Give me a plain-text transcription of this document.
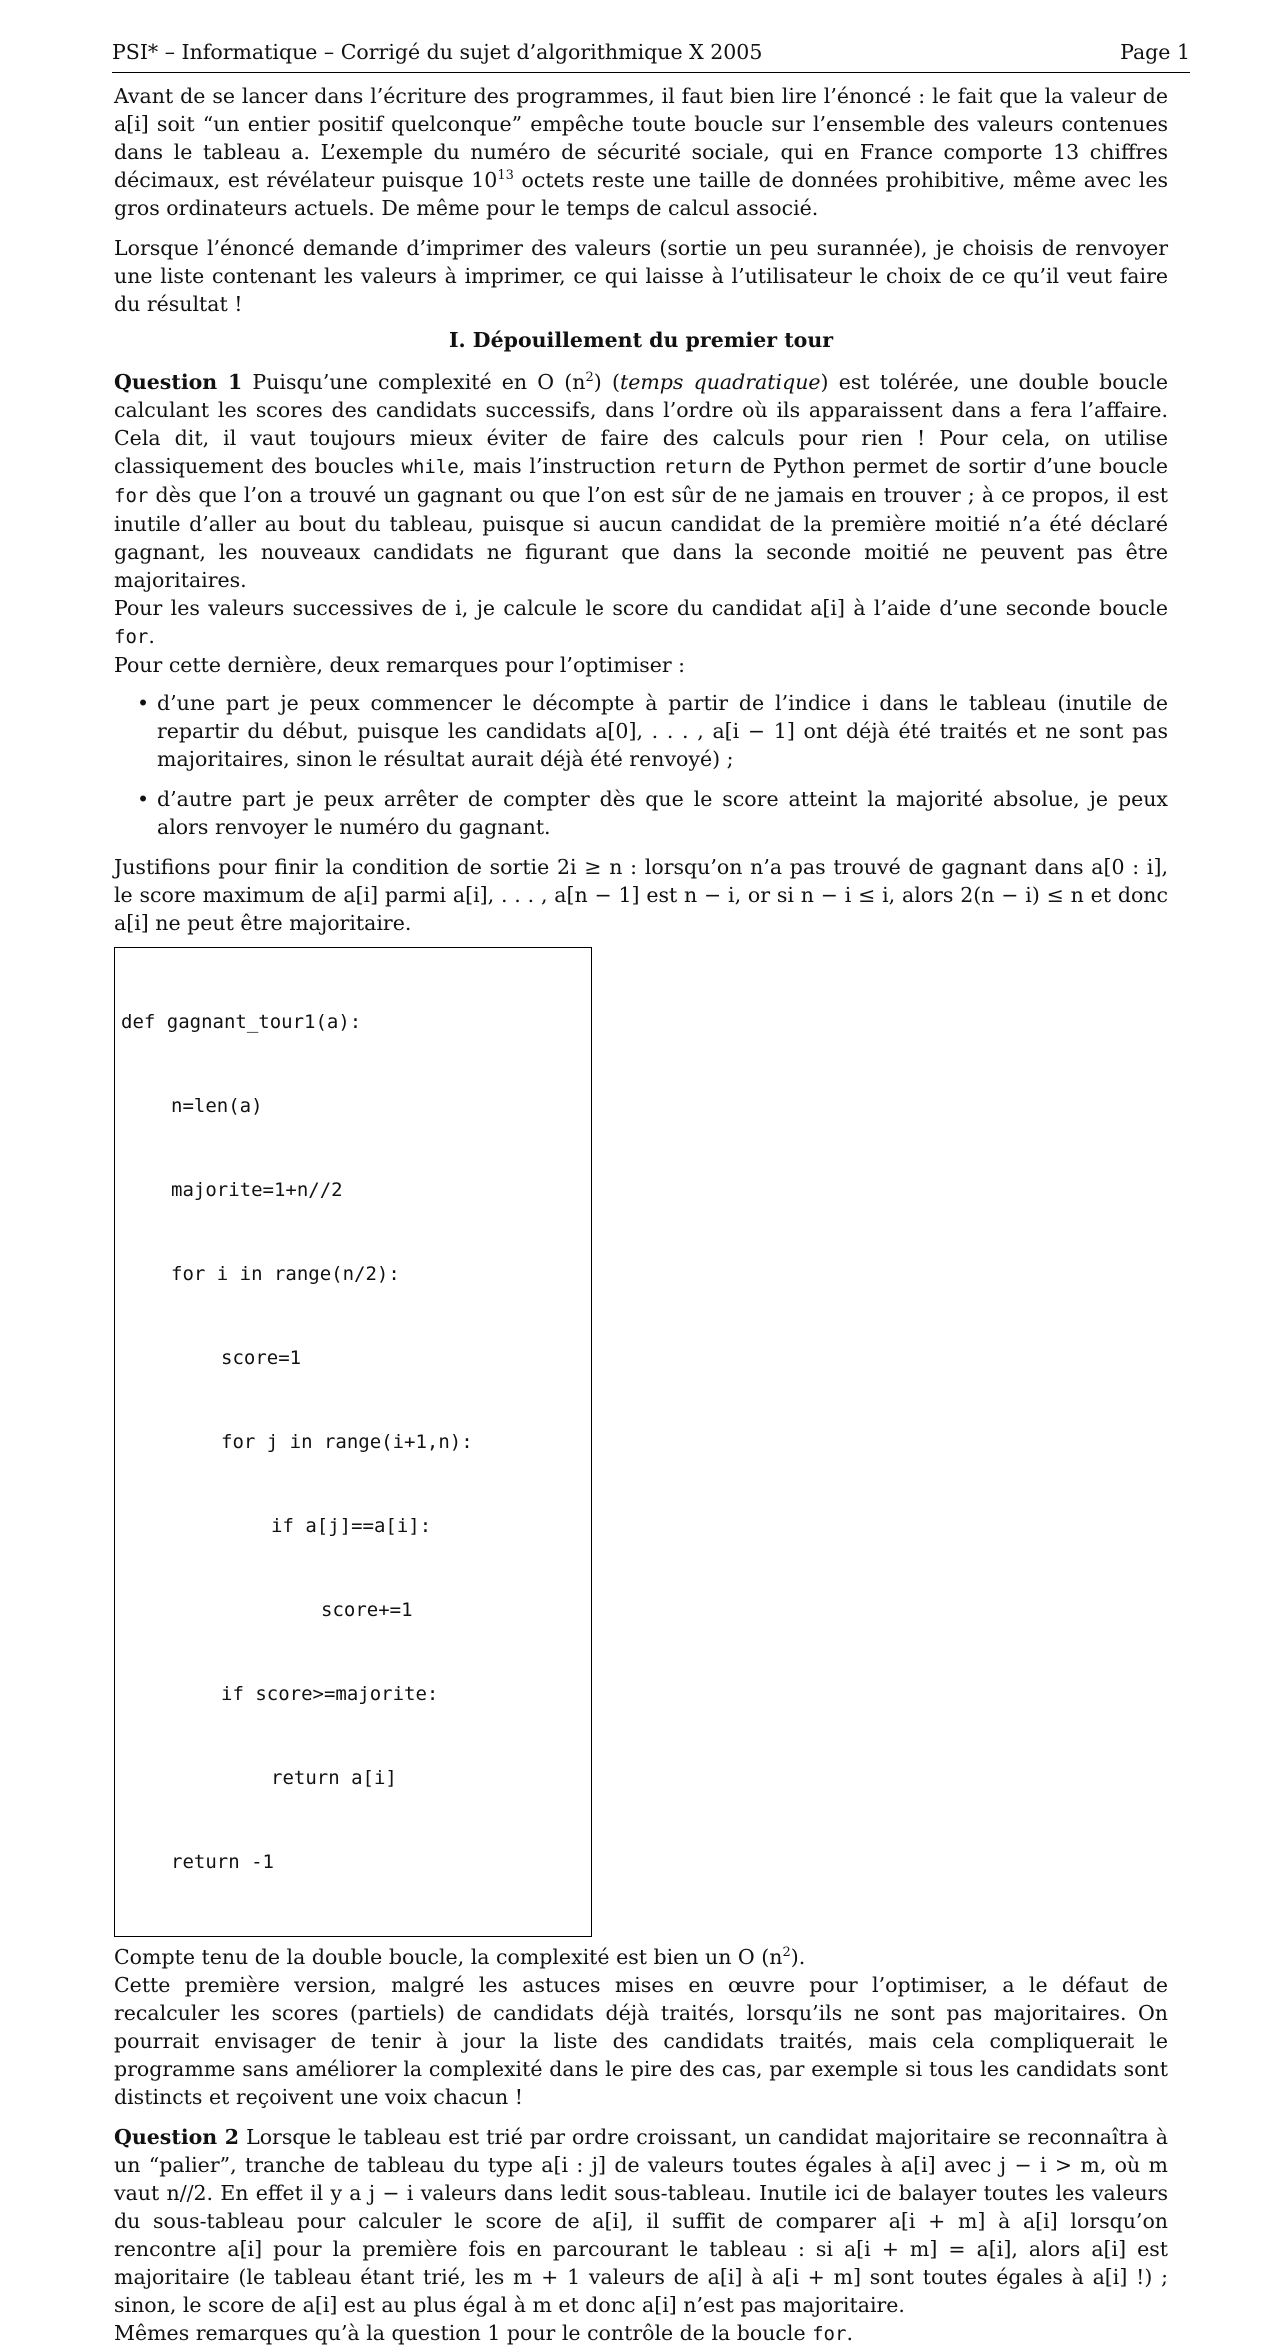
PSI* – Informatique – Corrigé du sujet d’algorithmique X 2005	Page 1

Avant de se lancer dans l’écriture des programmes, il faut bien lire l’énoncé : le fait que la valeur de a[i] soit “un entier positif quelconque” empêche toute boucle sur l’ensemble des valeurs contenues dans le tableau a. L’exemple du numéro de sécurité sociale, qui en France comporte 13 chiffres décimaux, est révélateur puisque $10^{13}$ octets reste une taille de données prohibitive, même avec les gros ordinateurs actuels. De même pour le temps de calcul associé.

Lorsque l’énoncé demande d’imprimer des valeurs (sortie un peu surannée), je choisis de renvoyer une liste contenant les valeurs à imprimer, ce qui laisse à l’utilisateur le choix de ce qu’il veut faire du résultat !

I. Dépouillement du premier tour

Question 1 Puisqu’une complexité en O $(n^2)$ (temps quadratique) est tolérée, une double boucle calculant les scores des candidats successifs, dans l’ordre où ils apparaissent dans a fera l’affaire. Cela dit, il vaut toujours mieux éviter de faire des calculs pour rien ! Pour cela, on utilise classiquement des boucles while, mais l’instruction return de Python permet de sortir d’une boucle for dès que l’on a trouvé un gagnant ou que l’on est sûr de ne jamais en trouver ; à ce propos, il est inutile d’aller au bout du tableau, puisque si aucun candidat de la première moitié n’a été déclaré gagnant, les nouveaux candidats ne figurant que dans la seconde moitié ne peuvent pas être majoritaires.

Pour les valeurs successives de i, je calcule le score du candidat a[i] à l’aide d’une seconde boucle for.

Pour cette dernière, deux remarques pour l’optimiser :

• d’une part je peux commencer le décompte à partir de l’indice i dans le tableau (inutile de repartir du début, puisque les candidats a[0], . . . , a[i − 1] ont déjà été traités et ne sont pas majoritaires, sinon le résultat aurait déjà été renvoyé) ;
• d’autre part je peux arrêter de compter dès que le score atteint la majorité absolue, je peux alors renvoyer le numéro du gagnant.

Justifions pour finir la condition de sortie 2i ≥ n : lorsqu’on n’a pas trouvé de gagnant dans a[0 : i], le score maximum de a[i] parmi a[i], . . . , a[n − 1] est n − i, or si n − i ≤ i, alors 2(n − i) ≤ n et donc a[i] ne peut être majoritaire.

def gagnant_tour1(a):

n=len(a)

majorite=1+n//2

for i in range(n/2):

score=1

for j in range(i+1,n):

if a[j]==a[i]:

score+=1

if score>=majorite:

return a[i]

return -1

Compte tenu de la double boucle, la complexité est bien un O $(n^2)$.

Cette première version, malgré les astuces mises en œuvre pour l’optimiser, a le défaut de recalculer les scores (partiels) de candidats déjà traités, lorsqu’ils ne sont pas majoritaires. On pourrait envisager de tenir à jour la liste des candidats traités, mais cela compliquerait le programme sans améliorer la complexité dans le pire des cas, par exemple si tous les candidats sont distincts et reçoivent une voix chacun !

Question 2 Lorsque le tableau est trié par ordre croissant, un candidat majoritaire se reconnaîtra à un “palier”, tranche de tableau du type a[i : j] de valeurs toutes égales à a[i] avec j − i > m, où m vaut n//2. En effet il y a j − i valeurs dans ledit sous-tableau. Inutile ici de balayer toutes les valeurs du sous-tableau pour calculer le score de a[i], il suffit de comparer a[i + m] à a[i] lorsqu’on rencontre a[i] pour la première fois en parcourant le tableau : si a[i + m] = a[i], alors a[i] est majoritaire (le tableau étant trié, les m + 1 valeurs de a[i] à a[i + m] sont toutes égales à a[i] !) ; sinon, le score de a[i] est au plus égal à m et donc a[i] n’est pas majoritaire.

Mêmes remarques qu’à la question 1 pour le contrôle de la boucle for.
